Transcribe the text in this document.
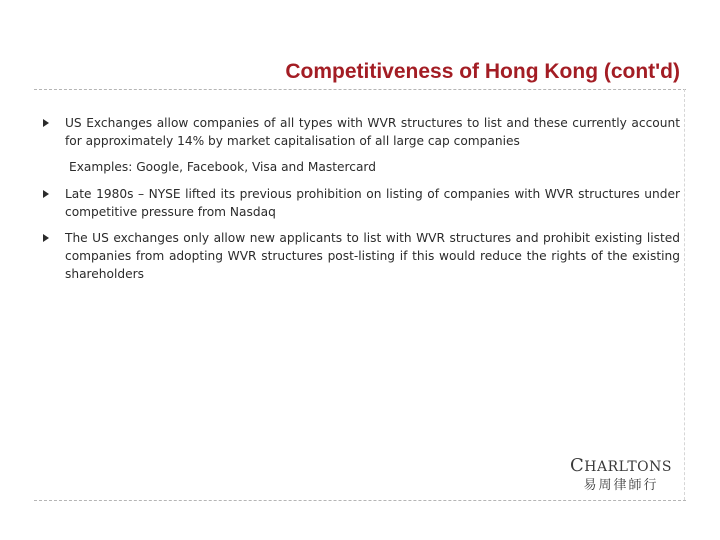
Competitiveness of Hong Kong (cont'd)
US Exchanges allow companies of all types with WVR structures to list and these currently account for approximately 14% by market capitalisation of all large cap companies

Examples: Google, Facebook, Visa and Mastercard

Late 1980s – NYSE lifted its previous prohibition on listing of companies with WVR structures under competitive pressure from Nasdaq
The US exchanges only allow new applicants to list with WVR structures and prohibit existing listed companies from adopting WVR structures post-listing if this would reduce the rights of the existing shareholders
CHARLTONS
易周律師行
